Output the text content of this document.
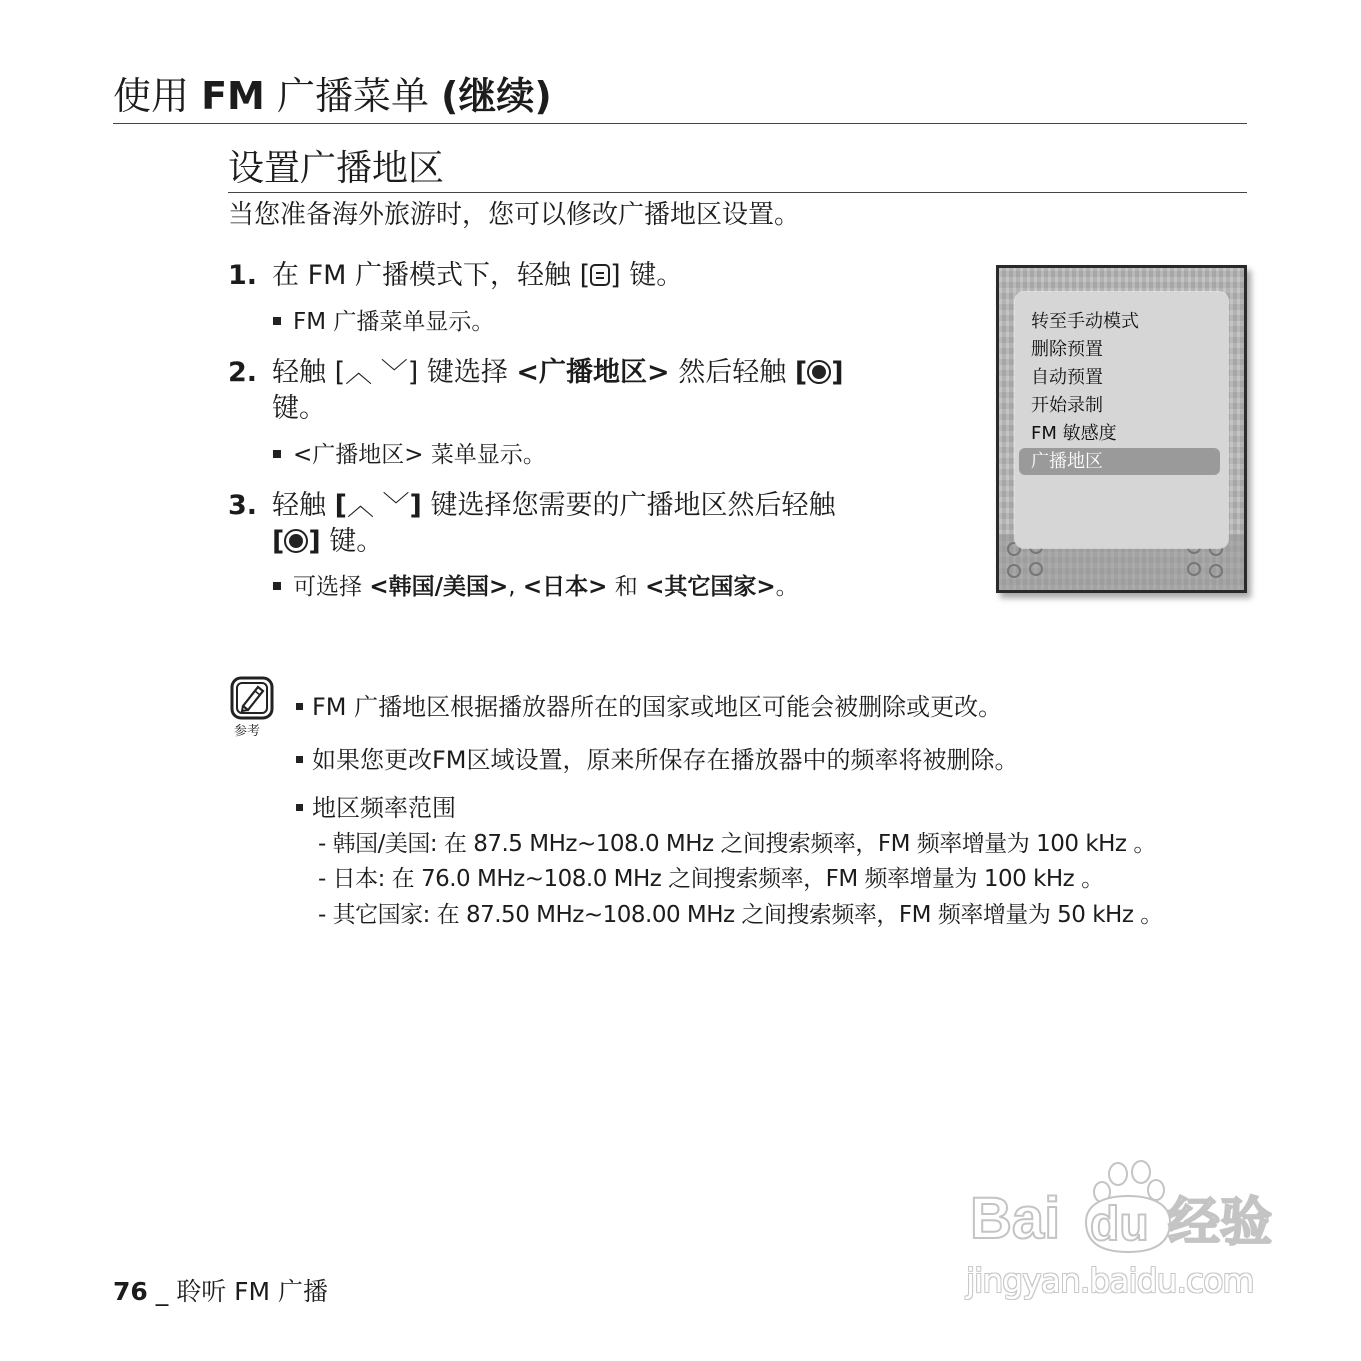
使用 FM 广播菜单 (继续)
设置广播地区
当您准备海外旅游时，您可以修改广播地区设置。
1. 在 FM 广播模式下，轻触 [ ] 键。
FM 广播菜单显示。
2. 轻触 [︿ ﹀] 键选择 <广播地区> 然后轻触 [ ]
键。
<广播地区> 菜单显示。
3. 轻触 [︿ ﹀] 键选择您需要的广播地区然后轻触
[ ] 键。
可选择 <韩国/美国>, <日本> 和 <其它国家>。
转至手动模式
删除预置
自动预置
开始录制
FM 敏感度
广播地区
参考
FM 广播地区根据播放器所在的国家或地区可能会被删除或更改。
如果您更改FM区域设置，原来所保存在播放器中的频率将被删除。
地区频率范围
- 韩国/美国: 在 87.5 MHz~108.0 MHz 之间搜索频率，FM 频率增量为 100 kHz 。
- 日本: 在 76.0 MHz~108.0 MHz 之间搜索频率，FM 频率增量为 100 kHz 。
- 其它国家: 在 87.50 MHz~108.00 MHz 之间搜索频率，FM 频率增量为 50 kHz 。
76 _ 聆听 FM 广播
Bai du 经验
jingyan.baidu.com
